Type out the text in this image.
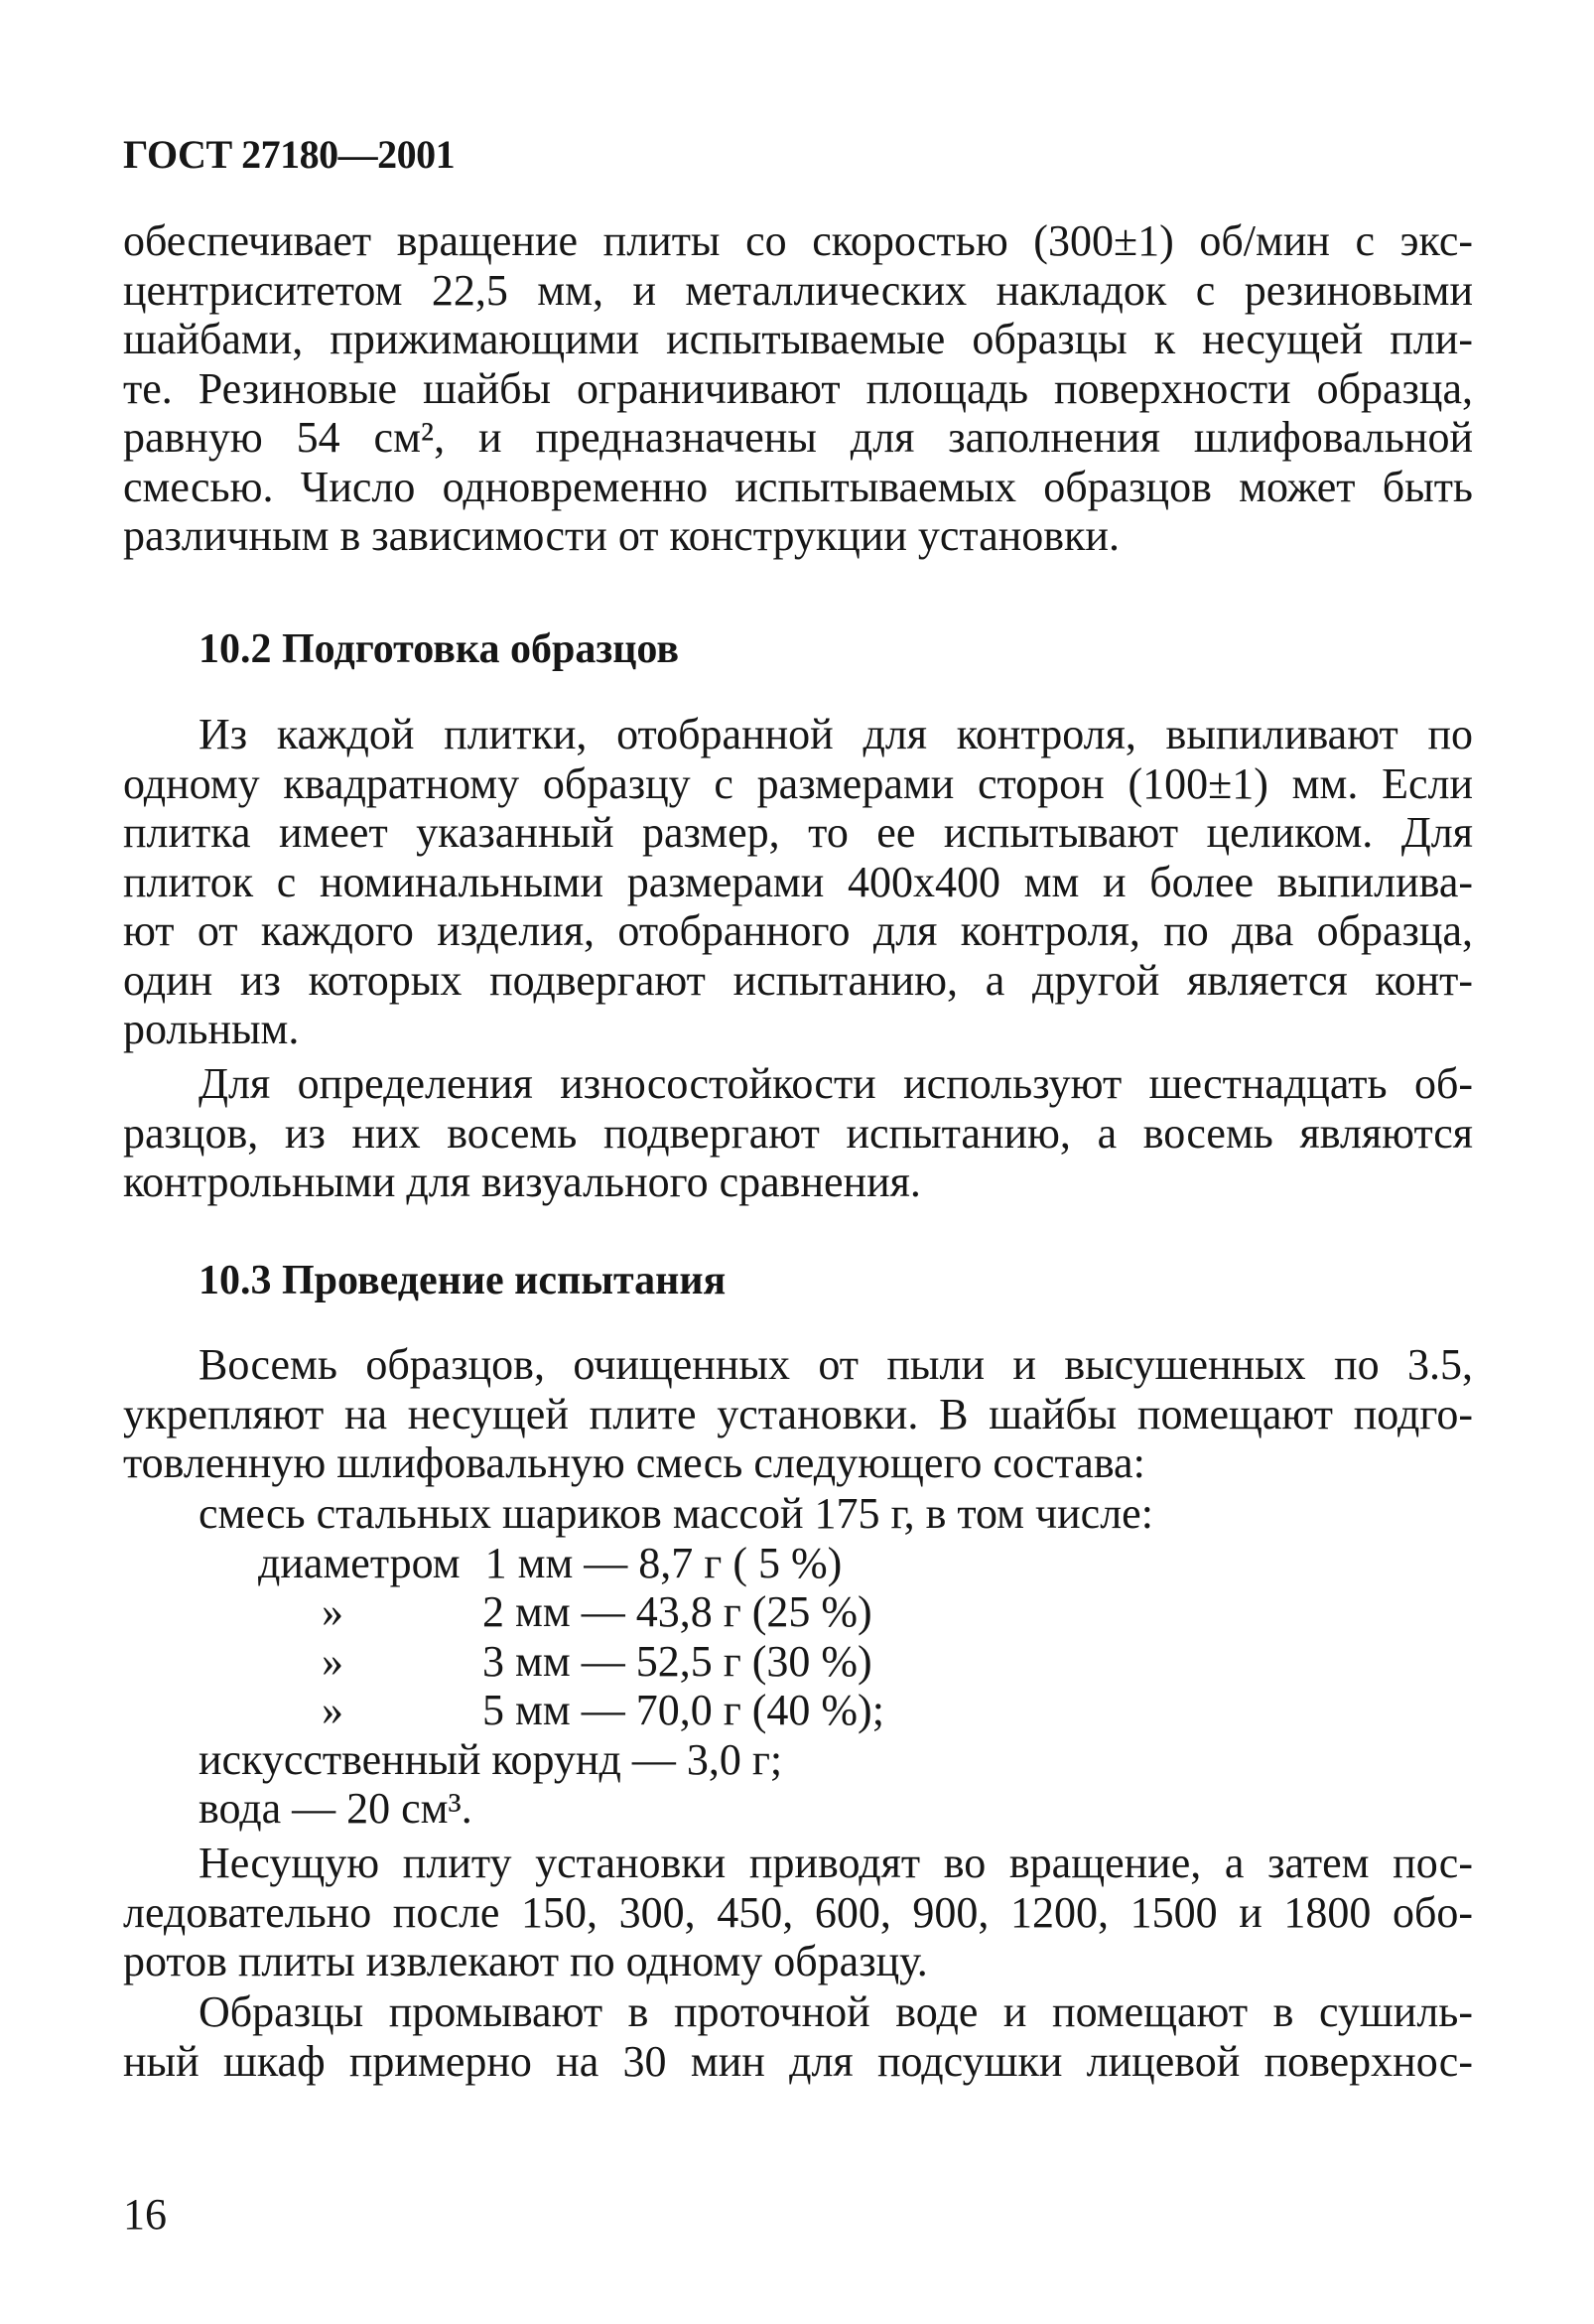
ГОСТ 27180—2001
обеспечивает вращение плиты со скоростью (300±1) об/мин с экс-
центриситетом 22,5 мм, и металлических накладок с резиновыми
шайбами, прижимающими испытываемые образцы к несущей пли-
те. Резиновые шайбы ограничивают площадь поверхности образца,
равную 54 см², и предназначены для заполнения шлифовальной
смесью. Число одновременно испытываемых образцов может быть
различным в зависимости от конструкции установки.
10.2 Подготовка образцов
Из каждой плитки, отобранной для контроля, выпиливают по
одному квадратному образцу с размерами сторон (100±1) мм. Если
плитка имеет указанный размер, то ее испытывают целиком. Для
плиток с номинальными размерами 400х400 мм и более выпилива-
ют от каждого изделия, отобранного для контроля, по два образца,
один из которых подвергают испытанию, а другой является конт-
рольным.
Для определения износостойкости используют шестнадцать об-
разцов, из них восемь подвергают испытанию, а восемь являются
контрольными для визуального сравнения.
10.3 Проведение испытания
Восемь образцов, очищенных от пыли и высушенных по 3.5,
укрепляют на несущей плите установки. В шайбы помещают подго-
товленную шлифовальную смесь следующего состава:
смесь стальных шариков массой 175 г, в том числе:
диаметром 1 мм — 8,7 г ( 5 %)
»	2 мм — 43,8 г (25 %)
»	3 мм — 52,5 г (30 %)
»	5 мм — 70,0 г (40 %);
искусственный корунд — 3,0 г;
вода — 20 см³.
Несущую плиту установки приводят во вращение, а затем пос-
ледовательно после 150, 300, 450, 600, 900, 1200, 1500 и 1800 обо-
ротов плиты извлекают по одному образцу.
Образцы промывают в проточной воде и помещают в сушиль-
ный шкаф примерно на 30 мин для подсушки лицевой поверхнос-
16
